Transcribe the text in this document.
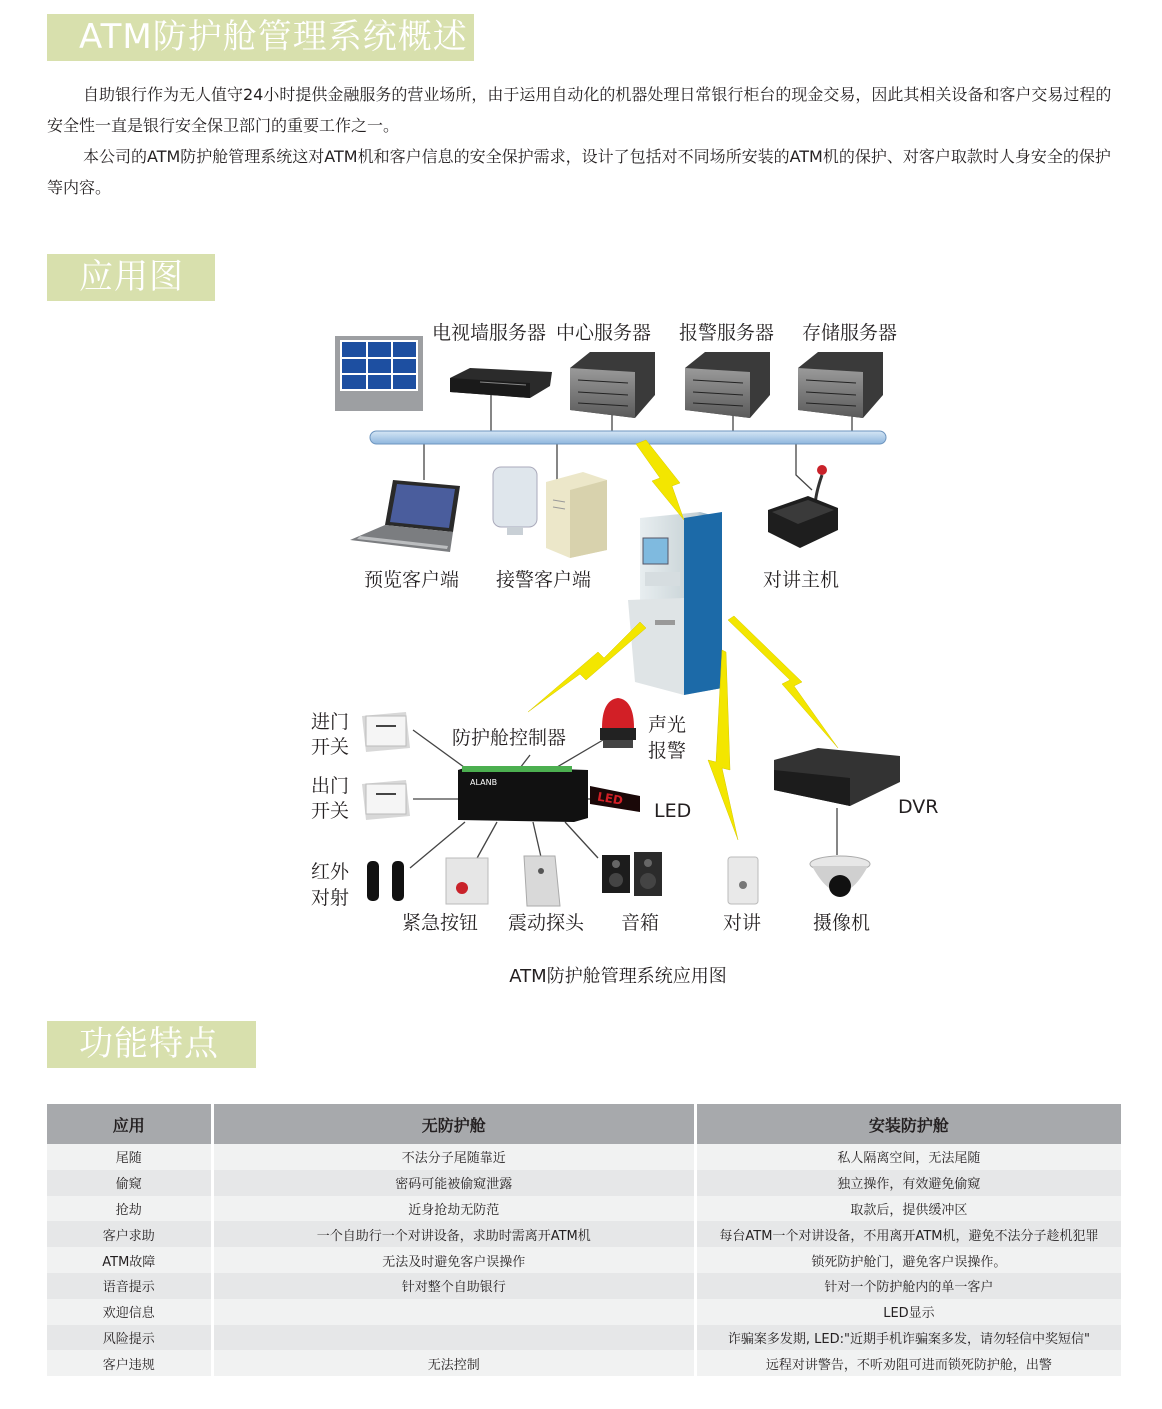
ATM防护舱管理系统概述

自助银行作为无人值守24小时提供金融服务的营业场所，由于运用自动化的机器处理日常银行柜台的现金交易，因此其相关设备和客户交易过程的安全性一直是银行安全保卫部门的重要工作之一。

本公司的ATM防护舱管理系统这对ATM机和客户信息的安全保护需求，设计了包括对不同场所安装的ATM机的保护、对客户取款时人身安全的保护等内容。

应用图
ALANB
LED
电视墙服务器 中心服务器 报警服务器 存储服务器
预览客户端 接警客户端	对讲主机
进门
开关
出门
开关
防护舱控制器
声光
报警
LED
红外
对射
紧急按钮 震动探头 音箱	对讲	摄像机
DVR
ATM防护舱管理系统应用图
功能特点
应用	无防护舱	安装防护舱
尾随	不法分子尾随靠近	私人隔离空间，无法尾随
偷窥	密码可能被偷窥泄露	独立操作，有效避免偷窥
抢劫	近身抢劫无防范	取款后，提供缓冲区
客户求助	一个自助行一个对讲设备，求助时需离开ATM机	每台ATM一个对讲设备，不用离开ATM机，避免不法分子趁机犯罪
ATM故障	无法及时避免客户误操作	锁死防护舱门，避免客户误操作。
语音提示	针对整个自助银行	针对一个防护舱内的单一客户
欢迎信息		LED显示
风险提示		诈骗案多发期, LED:"近期手机诈骗案多发，请勿轻信中奖短信"
客户违规	无法控制	远程对讲警告，不听劝阻可进而锁死防护舱，出警
